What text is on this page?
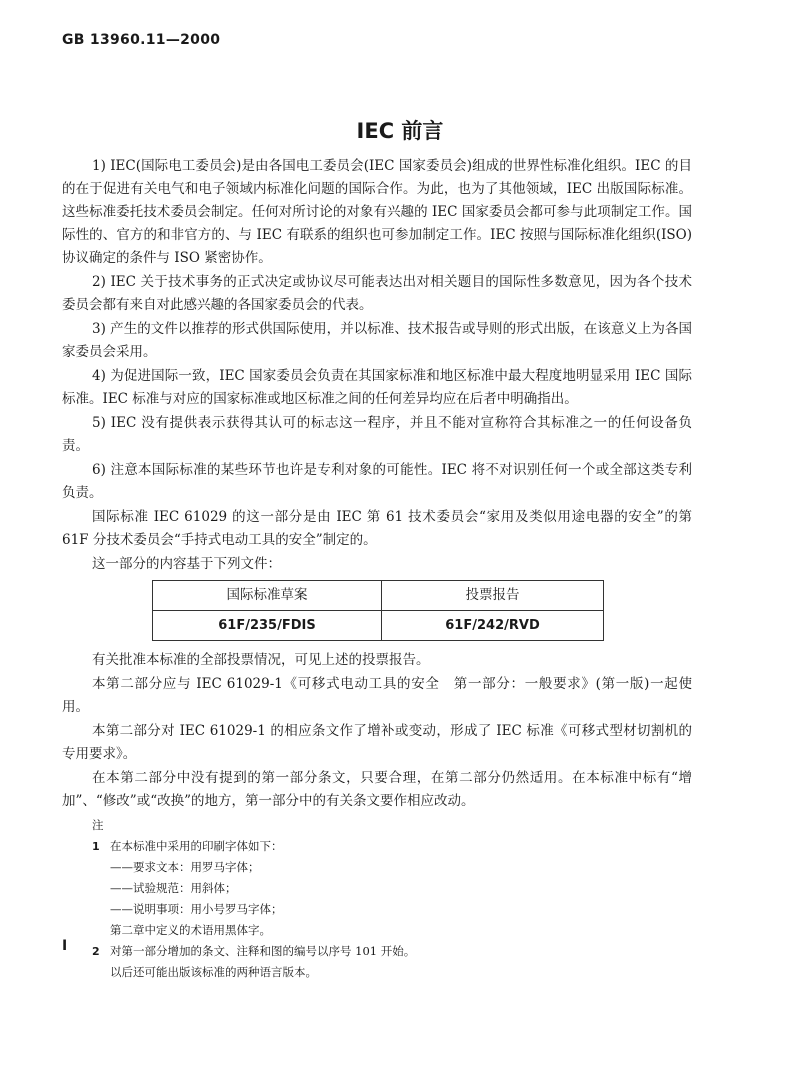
GB 13960.11—2000
IEC 前言

1) IEC(国际电工委员会)是由各国电工委员会(IEC 国家委员会)组成的世界性标准化组织。IEC 的目的在于促进有关电气和电子领域内标准化问题的国际合作。为此，也为了其他领域，IEC 出版国际标准。这些标准委托技术委员会制定。任何对所讨论的对象有兴趣的 IEC 国家委员会都可参与此项制定工作。国际性的、官方的和非官方的、与 IEC 有联系的组织也可参加制定工作。IEC 按照与国际标准化组织(ISO)协议确定的条件与 ISO 紧密协作。

2) IEC 关于技术事务的正式决定或协议尽可能表达出对相关题目的国际性多数意见，因为各个技术委员会都有来自对此感兴趣的各国家委员会的代表。

3) 产生的文件以推荐的形式供国际使用，并以标准、技术报告或导则的形式出版，在该意义上为各国家委员会采用。

4) 为促进国际一致，IEC 国家委员会负责在其国家标准和地区标准中最大程度地明显采用 IEC 国际标准。IEC 标准与对应的国家标准或地区标准之间的任何差异均应在后者中明确指出。

5) IEC 没有提供表示获得其认可的标志这一程序，并且不能对宣称符合其标准之一的任何设备负责。

6) 注意本国际标准的某些环节也许是专利对象的可能性。IEC 将不对识别任何一个或全部这类专利负责。

国际标准 IEC 61029 的这一部分是由 IEC 第 61 技术委员会“家用及类似用途电器的安全”的第 61F 分技术委员会“手持式电动工具的安全”制定的。

这一部分的内容基于下列文件：

国际标准草案	投票报告
61F/235/FDIS	61F/242/RVD

有关批准本标准的全部投票情况，可见上述的投票报告。

本第二部分应与 IEC 61029-1《可移式电动工具的安全　第一部分：一般要求》(第一版)一起使用。

本第二部分对 IEC 61029-1 的相应条文作了增补或变动，形成了 IEC 标准《可移式型材切割机的专用要求》。

在本第二部分中没有提到的第一部分条文，只要合理，在第二部分仍然适用。在本标准中标有“增加”、“修改”或“改换”的地方，第一部分中的有关条文要作相应改动。

注
1 在本标准中采用的印刷字体如下：
——要求文本：用罗马字体；
——试验规范：用斜体；
——说明事项：用小号罗马字体；
第二章中定义的术语用黑体字。
2 对第一部分增加的条文、注释和图的编号以序号 101 开始。
以后还可能出版该标准的两种语言版本。
I
